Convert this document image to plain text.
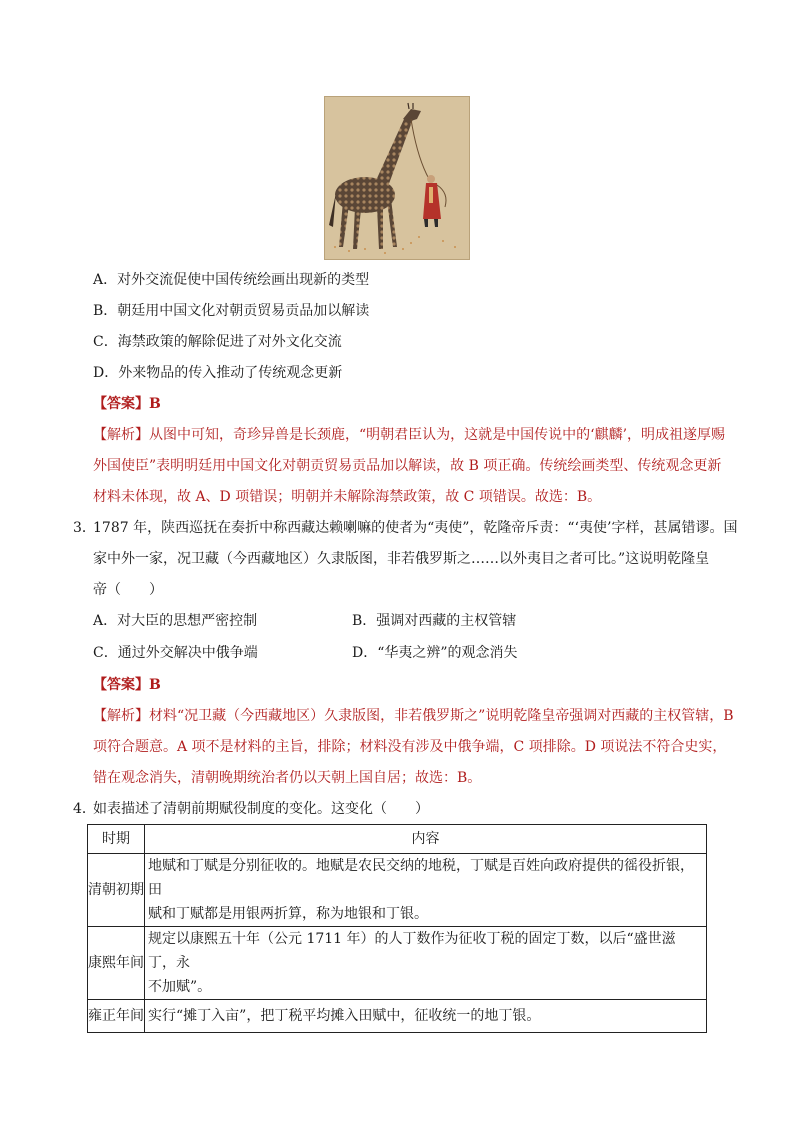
A．对外交流促使中国传统绘画出现新的类型
B．朝廷用中国文化对朝贡贸易贡品加以解读
C．海禁政策的解除促进了对外文化交流
D．外来物品的传入推动了传统观念更新
【答案】B
【解析】从图中可知，奇珍异兽是长颈鹿，“明朝君臣认为，这就是中国传说中的‘麒麟’，明成祖遂厚赐
外国使臣”表明明廷用中国文化对朝贡贸易贡品加以解读，故 B 项正确。传统绘画类型、传统观念更新
材料未体现，故 A、D 项错误；明朝并未解除海禁政策，故 C 项错误。故选：B。
3．
1787 年，陕西巡抚在奏折中称西藏达赖喇嘛的使者为“夷使”，乾隆帝斥责：“‘夷使’字样，甚属错谬。国
家中外一家，况卫藏（今西藏地区）久隶版图，非若俄罗斯之……以外夷目之者可比。”这说明乾隆皇
帝（　　）
A．对大臣的思想严密控制	B．强调对西藏的主权管辖
C．通过外交解决中俄争端	D．“华夷之辨”的观念消失
【答案】B
【解析】材料“况卫藏（今西藏地区）久隶版图，非若俄罗斯之”说明乾隆皇帝强调对西藏的主权管辖，B
项符合题意。A 项不是材料的主旨，排除；材料没有涉及中俄争端，C 项排除。D 项说法不符合史实，
错在观念消失，清朝晚期统治者仍以天朝上国自居；故选：B。
4．
如表描述了清朝前期赋役制度的变化。这变化（　　）
时期	内容
清朝初期	地赋和丁赋是分别征收的。地赋是农民交纳的地税，丁赋是百姓向政府提供的徭役折银，田
赋和丁赋都是用银两折算，称为地银和丁银。

康熙年间	规定以康熙五十年（公元 1711 年）的人丁数作为征收丁税的固定丁数，以后“盛世滋丁，永
不加赋”。

雍正年间	实行“摊丁入亩”，把丁税平均摊入田赋中，征收统一的地丁银。
